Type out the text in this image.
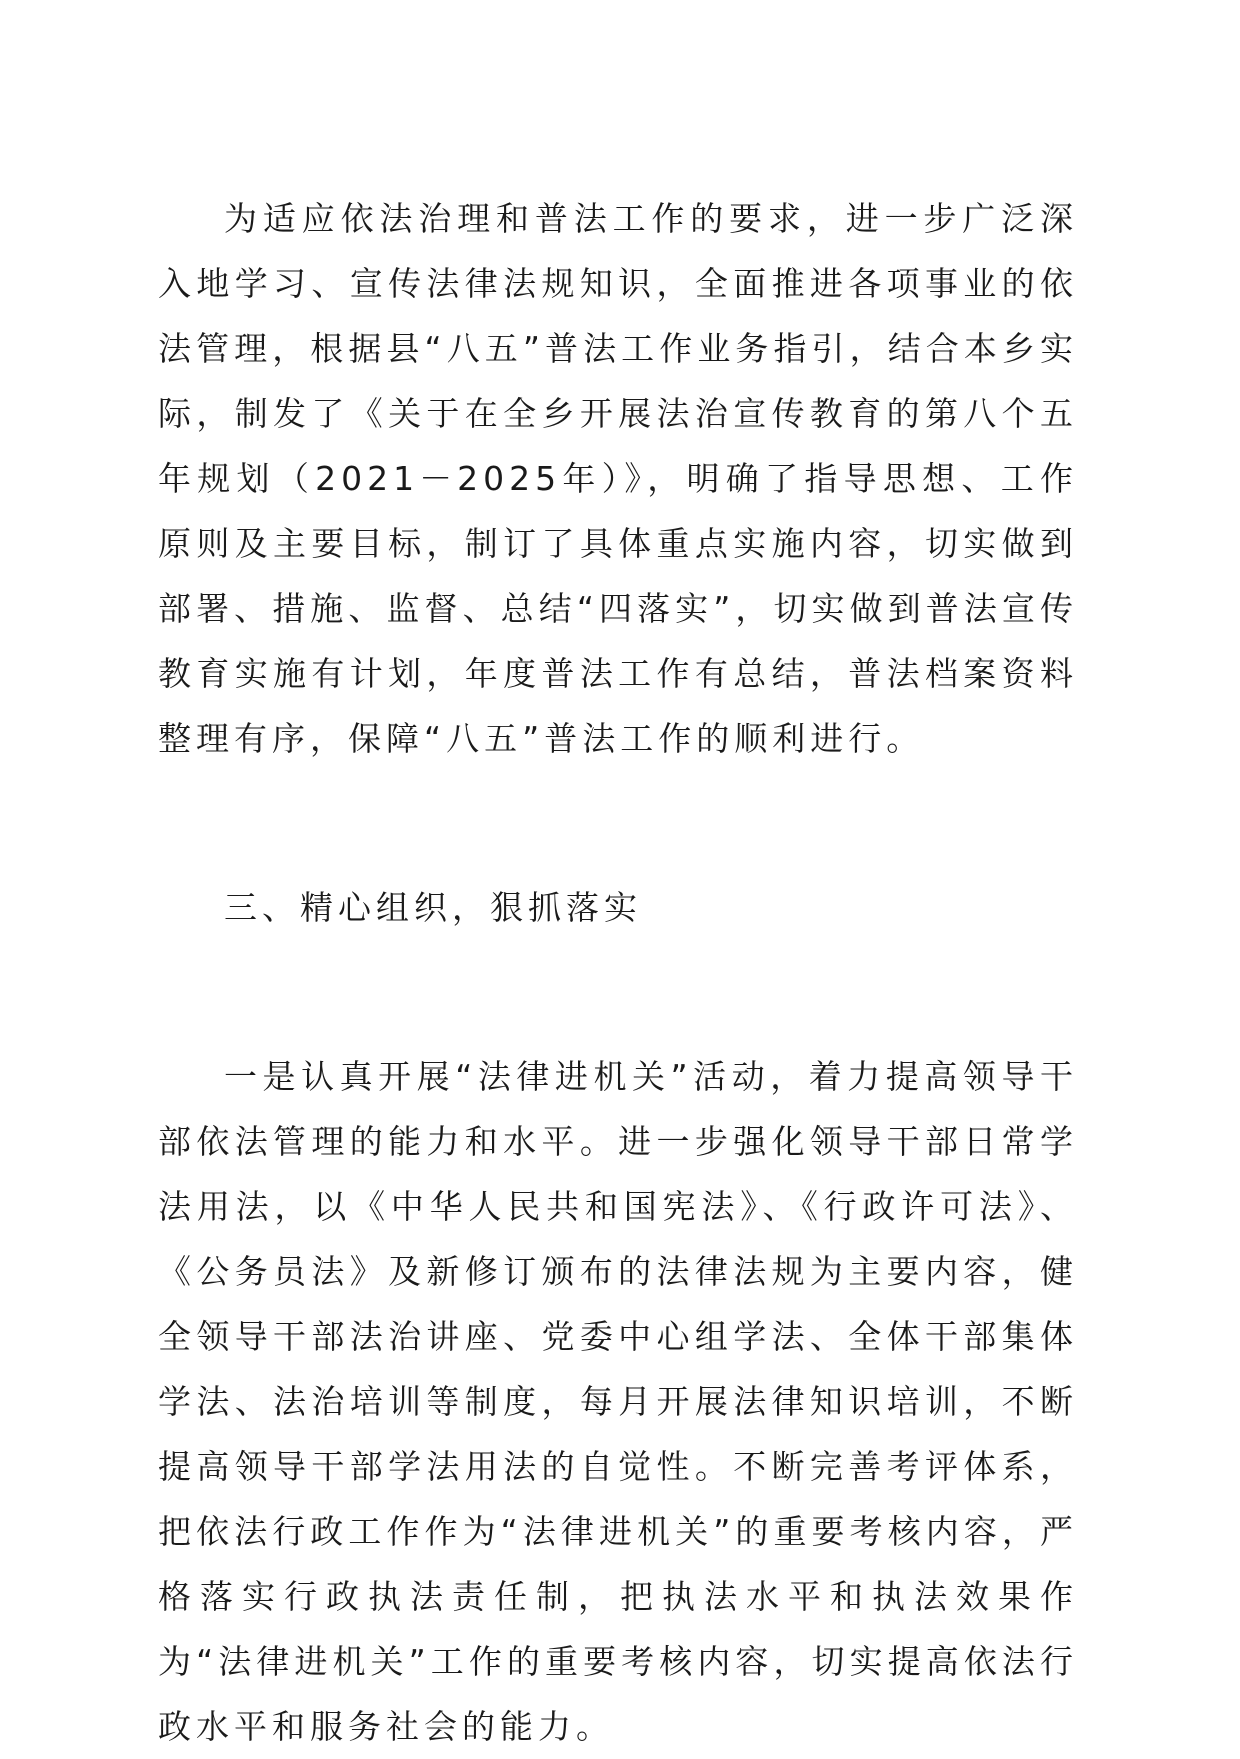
为适应依法治理和普法工作的要求，进一步广泛深入地学习、宣传法律法规知识，全面推进各项事业的依法管理，根据县“八五”普法工作业务指引，结合本乡实际，制发了《关于在全乡开展法治宣传教育的第八个五年规划（2021－2025年）》，明确了指导思想、工作原则及主要目标，制订了具体重点实施内容，切实做到部署、措施、监督、总结“四落实”，切实做到普法宣传教育实施有计划，年度普法工作有总结，普法档案资料整理有序，保障“八五”普法工作的顺利进行。

三、精心组织，狠抓落实

一是认真开展“法律进机关”活动，着力提高领导干部依法管理的能力和水平。进一步强化领导干部日常学法用法，以《中华人民共和国宪法》、《行政许可法》、《公务员法》及新修订颁布的法律法规为主要内容，健全领导干部法治讲座、党委中心组学法、全体干部集体学法、法治培训等制度，每月开展法律知识培训，不断提高领导干部学法用法的自觉性。不断完善考评体系，把依法行政工作作为“法律进机关”的重要考核内容，严格落实行政执法责任制，把执法水平和执法效果作为“法律进机关”工作的重要考核内容，切实提高依法行政水平和服务社会的能力。
